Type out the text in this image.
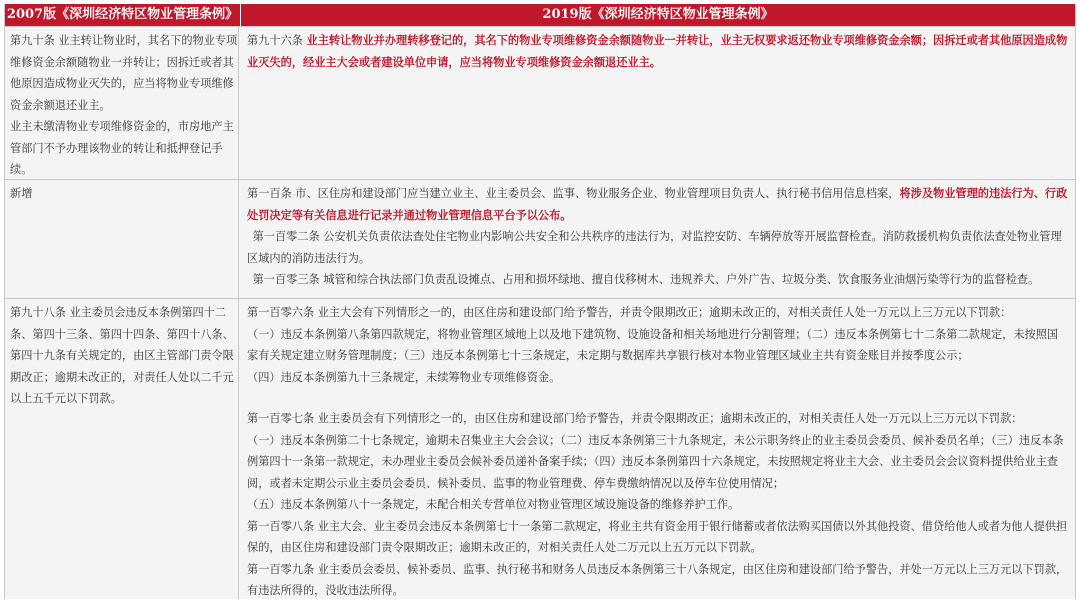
2007版《深圳经济特区物业管理条例》	2019版《深圳经济特区物业管理条例》

第九十条 业主转让物业时，其名下的物业专项维修资金余额随物业一并转让；因拆迁或者其他原因造成物业灭失的，应当将物业专项维修资金余额退还业主。

业主未缴清物业专项维修资金的，市房地产主管部门不予办理该物业的转让和抵押登记手续。

第九十六条 业主转让物业并办理转移登记的，其名下的物业专项维修资金余额随物业一并转让，业主无权要求返还物业专项维修资金余额；因拆迁或者其他原因造成物业灭失的，经业主大会或者建设单位申请，应当将物业专项维修资金余额退还业主。

新增	第一百条 市、区住房和建设部门应当建立业主、业主委员会、监事、物业服务企业、物业管理项目负责人、执行秘书信用信息档案，将涉及物业管理的违法行为、行政处罚决定等有关信息进行记录并通过物业管理信息平台予以公布。

第一百零二条 公安机关负责依法查处住宅物业内影响公共安全和公共秩序的违法行为，对监控安防、车辆停放等开展监督检查。消防救援机构负责依法查处物业管理区域内的消防违法行为。

第一百零三条 城管和综合执法部门负责乱设摊点、占用和损坏绿地、擅自伐移树木、违规养犬、户外广告、垃圾分类、饮食服务业油烟污染等行为的监督检查。

第九十八条 业主委员会违反本条例第四十二条、第四十三条、第四十四条、第四十八条、第四十九条有关规定的，由区主管部门责令限期改正；逾期未改正的，对责任人处以二千元以上五千元以下罚款。

第一百零六条 业主大会有下列情形之一的，由区住房和建设部门给予警告，并责令限期改正；逾期未改正的，对相关责任人处一万元以上三万元以下罚款：

（一）违反本条例第八条第四款规定，将物业管理区域地上以及地下建筑物、设施设备和相关场地进行分割管理；（二）违反本条例第七十二条第二款规定，未按照国家有关规定建立财务管理制度；（三）违反本条例第七十三条规定，未定期与数据库共享银行核对本物业管理区域业主共有资金账目并按季度公示；

（四）违反本条例第九十三条规定，未续筹物业专项维修资金。

第一百零七条 业主委员会有下列情形之一的，由区住房和建设部门给予警告，并责令限期改正；逾期未改正的，对相关责任人处一万元以上三万元以下罚款：

（一）违反本条例第二十七条规定，逾期未召集业主大会会议；（二）违反本条例第三十九条规定，未公示职务终止的业主委员会委员、候补委员名单；（三）违反本条例第四十一条第一款规定，未办理业主委员会候补委员递补备案手续；（四）违反本条例第四十六条规定，未按照规定将业主大会、业主委员会会议资料提供给业主查阅，或者未定期公示业主委员会委员、候补委员、监事的物业管理费、停车费缴纳情况以及停车位使用情况；

（五）违反本条例第八十一条规定，未配合相关专营单位对物业管理区域设施设备的维修养护工作。

第一百零八条 业主大会、业主委员会违反本条例第七十一条第二款规定，将业主共有资金用于银行储蓄或者依法购买国债以外其他投资、借贷给他人或者为他人提供担保的，由区住房和建设部门责令限期改正；逾期未改正的，对相关责任人处二万元以上五万元以下罚款。

第一百零九条 业主委员会委员、候补委员、监事、执行秘书和财务人员违反本条例第三十八条规定，由区住房和建设部门给予警告，并处一万元以上三万元以下罚款，有违法所得的，没收违法所得。
